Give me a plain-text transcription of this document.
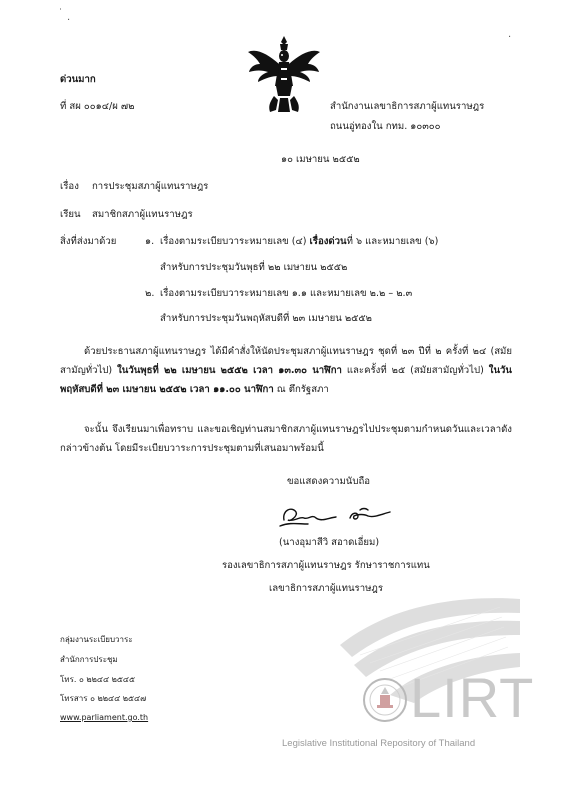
˙ .
·
ด่วนมาก
ที่ สผ ๐๐๑๔/ผ ๗๒	สำนักงานเลขาธิการสภาผู้แทนราษฎร
ถนนอู่ทองใน กทม. ๑๐๓๐๐
๑๐ เมษายน ๒๕๕๒
เรื่อง การประชุมสภาผู้แทนราษฎร
เรียน สมาชิกสภาผู้แทนราษฎร
สิ่งที่ส่งมาด้วย	๑. เรื่องตามระเบียบวาระหมายเลข (๔) เรื่องด่วนที่ ๖ และหมายเลข (๖)
สำหรับการประชุมวันพุธที่ ๒๒ เมษายน ๒๕๕๒
๒. เรื่องตามระเบียบวาระหมายเลข ๑.๑ และหมายเลข ๒.๒ – ๒.๓
สำหรับการประชุมวันพฤหัสบดีที่ ๒๓ เมษายน ๒๕๕๒
ด้วยประธานสภาผู้แทนราษฎร ได้มีคำสั่งให้นัดประชุมสภาผู้แทนราษฎร ชุดที่ ๒๓ ปีที่ ๒ ครั้งที่ ๒๔ (สมัยสามัญทั่วไป) ในวันพุธที่ ๒๒ เมษายน ๒๕๕๒ เวลา ๑๓.๓๐ นาฬิกา และครั้งที่ ๒๕ (สมัยสามัญทั่วไป) ในวันพฤหัสบดีที่ ๒๓ เมษายน ๒๕๕๒ เวลา ๑๑.๐๐ นาฬิกา ณ ตึกรัฐสภา
จะนั้น จึงเรียนมาเพื่อทราบ และขอเชิญท่านสมาชิกสภาผู้แทนราษฎรไปประชุมตามกำหนดวันและเวลาดังกล่าวข้างต้น โดยมีระเบียบวาระการประชุมตามที่เสนอมาพร้อมนี้
ขอแสดงความนับถือ
(นางอุมาสีวิ สอาดเอี่ยม)
รองเลขาธิการสภาผู้แทนราษฎร รักษาราชการแทน
เลขาธิการสภาผู้แทนราษฎร
LIRT
Legislative Institutional Repository of Thailand
กลุ่มงานระเบียบวาระ
สำนักการประชุม
โทร. ๐ ๒๒๔๔ ๒๕๔๕
โทรสาร ๐ ๒๒๔๔ ๒๕๔๗
www.parliament.go.th
